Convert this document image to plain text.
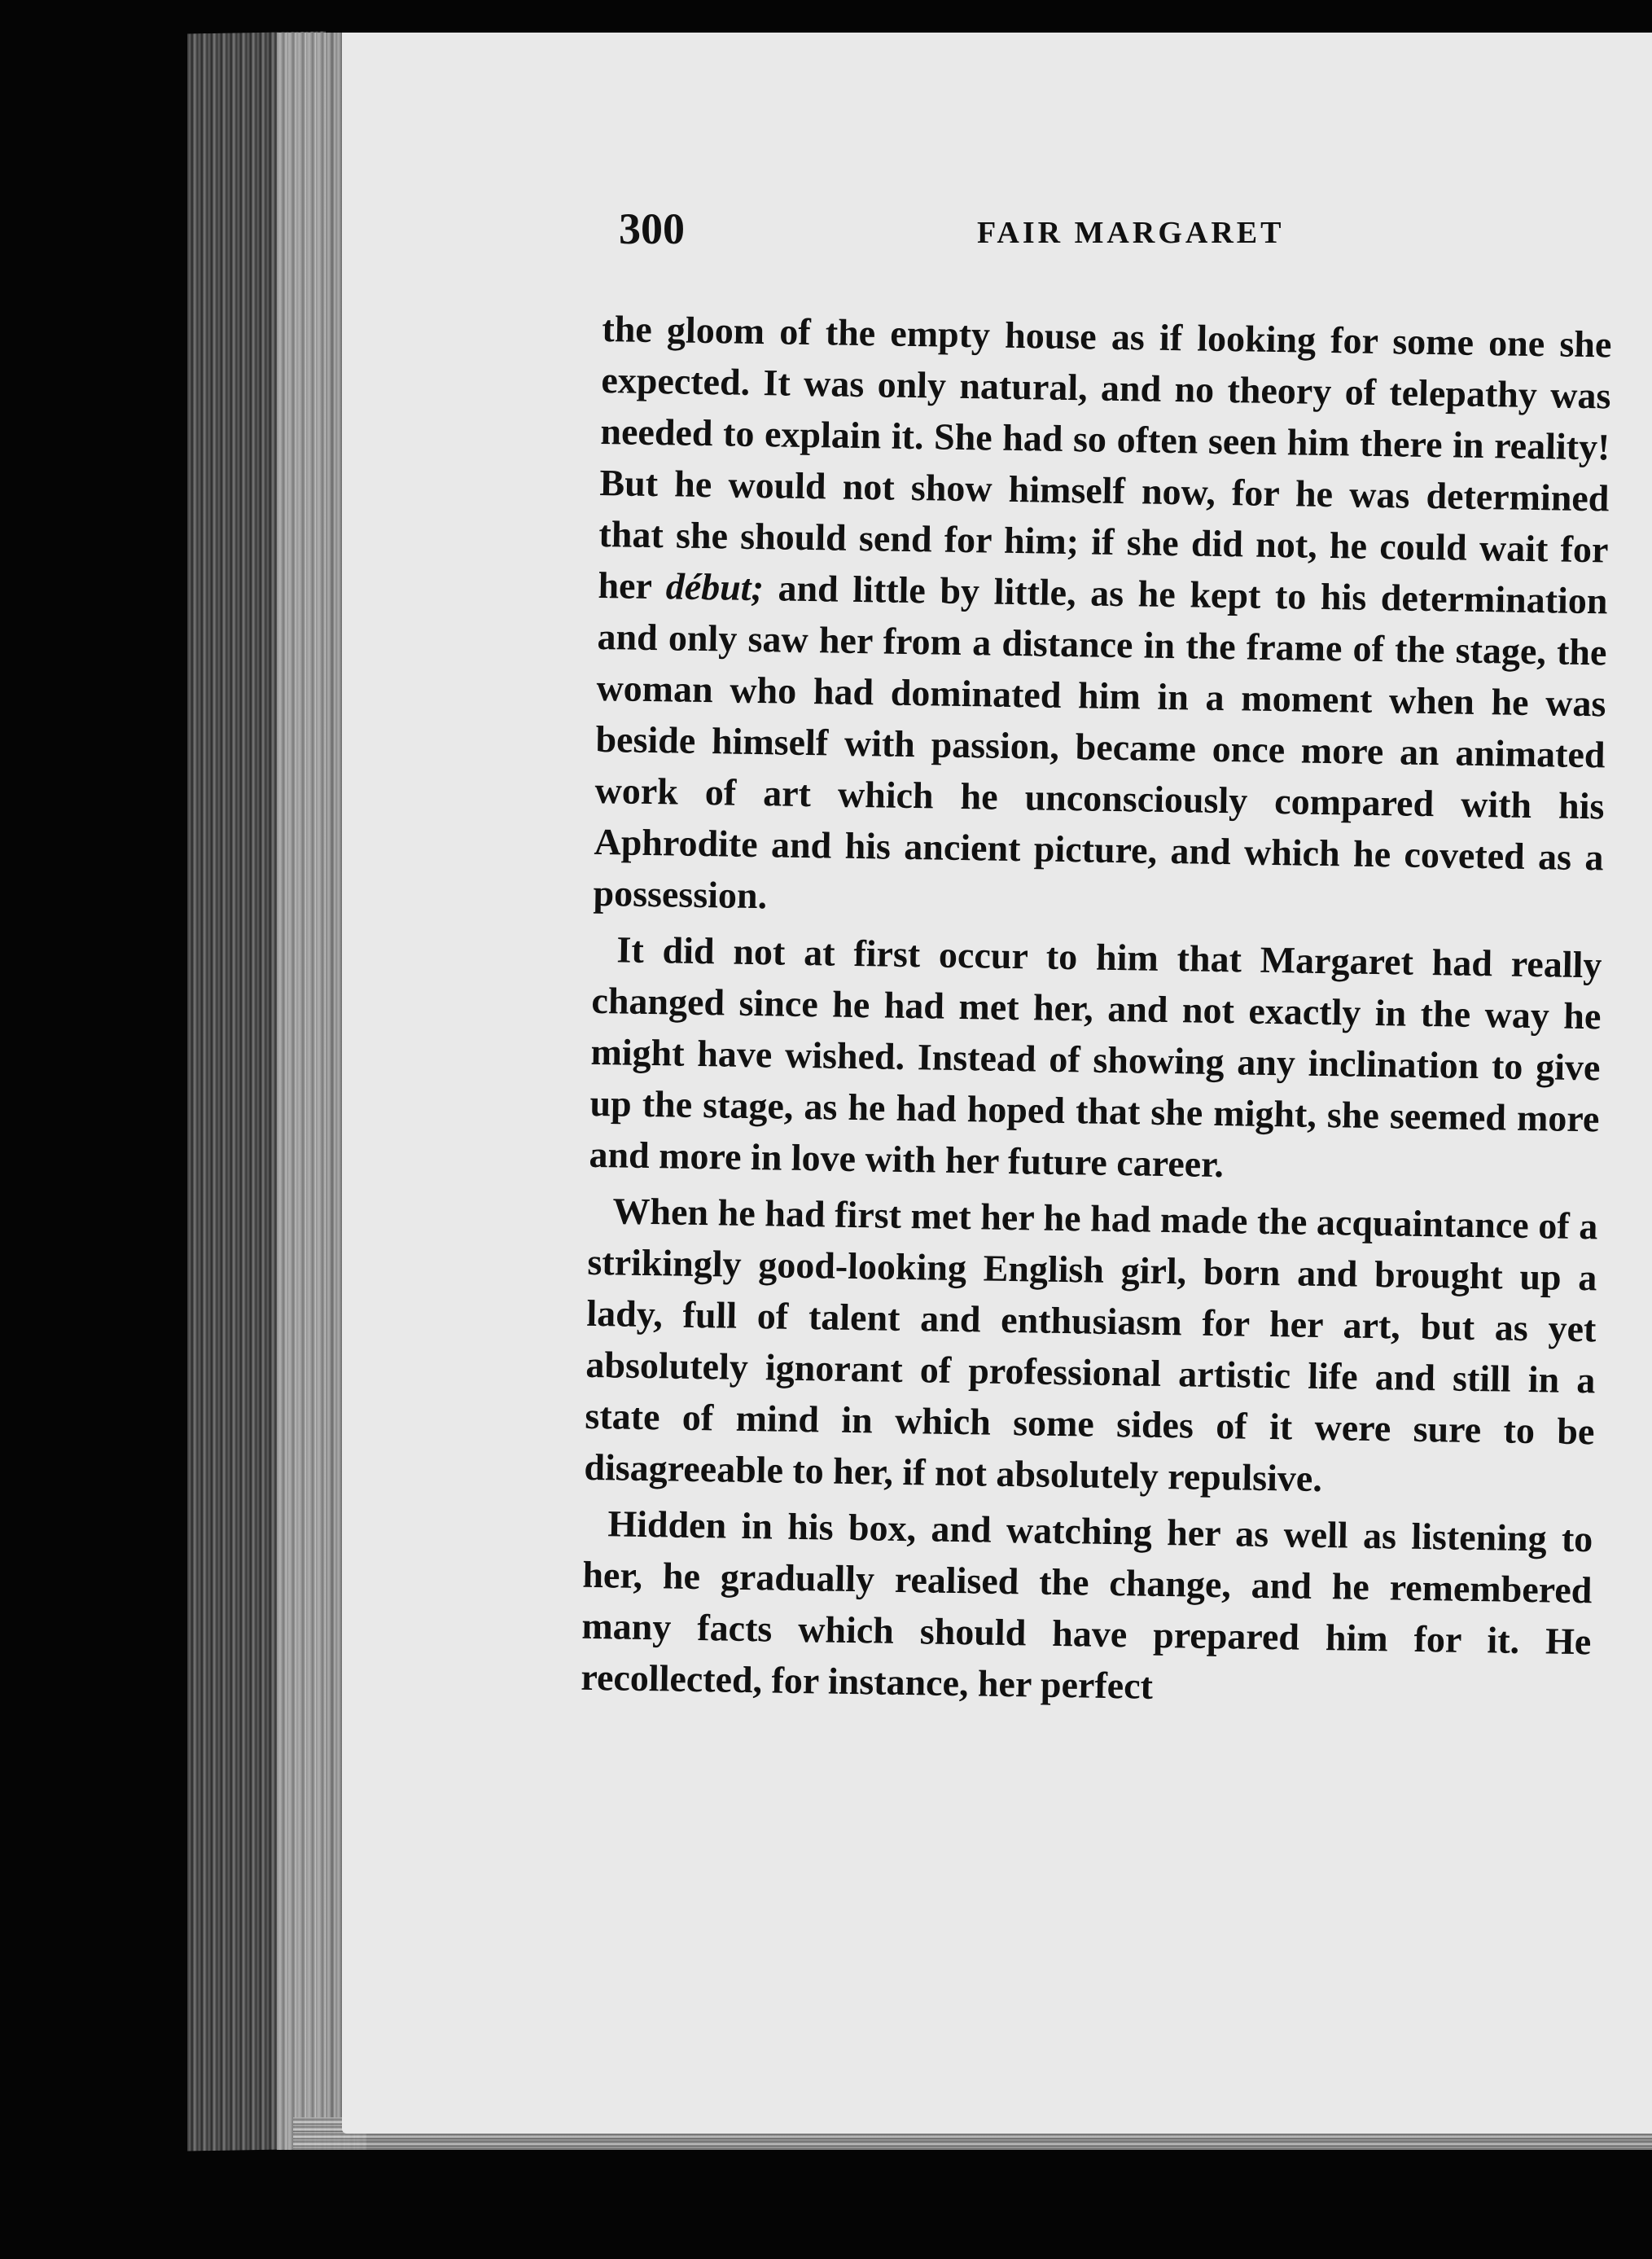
300	FAIR MARGARET

the gloom of the empty house as if looking for some one she expected. It was only natural, and no theory of telepathy was needed to explain it. She had so often seen him there in reality! But he would not show himself now, for he was determined that she should send for him; if she did not, he could wait for her début; and little by little, as he kept to his determination and only saw her from a distance in the frame of the stage, the woman who had dominated him in a moment when he was beside himself with passion, became once more an animated work of art which he unconsciously compared with his Aphrodite and his ancient picture, and which he coveted as a possession.

It did not at first occur to him that Margaret had really changed since he had met her, and not exactly in the way he might have wished. Instead of showing any inclination to give up the stage, as he had hoped that she might, she seemed more and more in love with her future career.

When he had first met her he had made the acquaintance of a strikingly good-looking English girl, born and brought up a lady, full of talent and enthusiasm for her art, but as yet absolutely ignorant of professional artistic life and still in a state of mind in which some sides of it were sure to be disagreeable to her, if not absolutely repulsive.

Hidden in his box, and watching her as well as listening to her, he gradually realised the change, and he remembered many facts which should have prepared him for it. He recollected, for instance, her perfect
